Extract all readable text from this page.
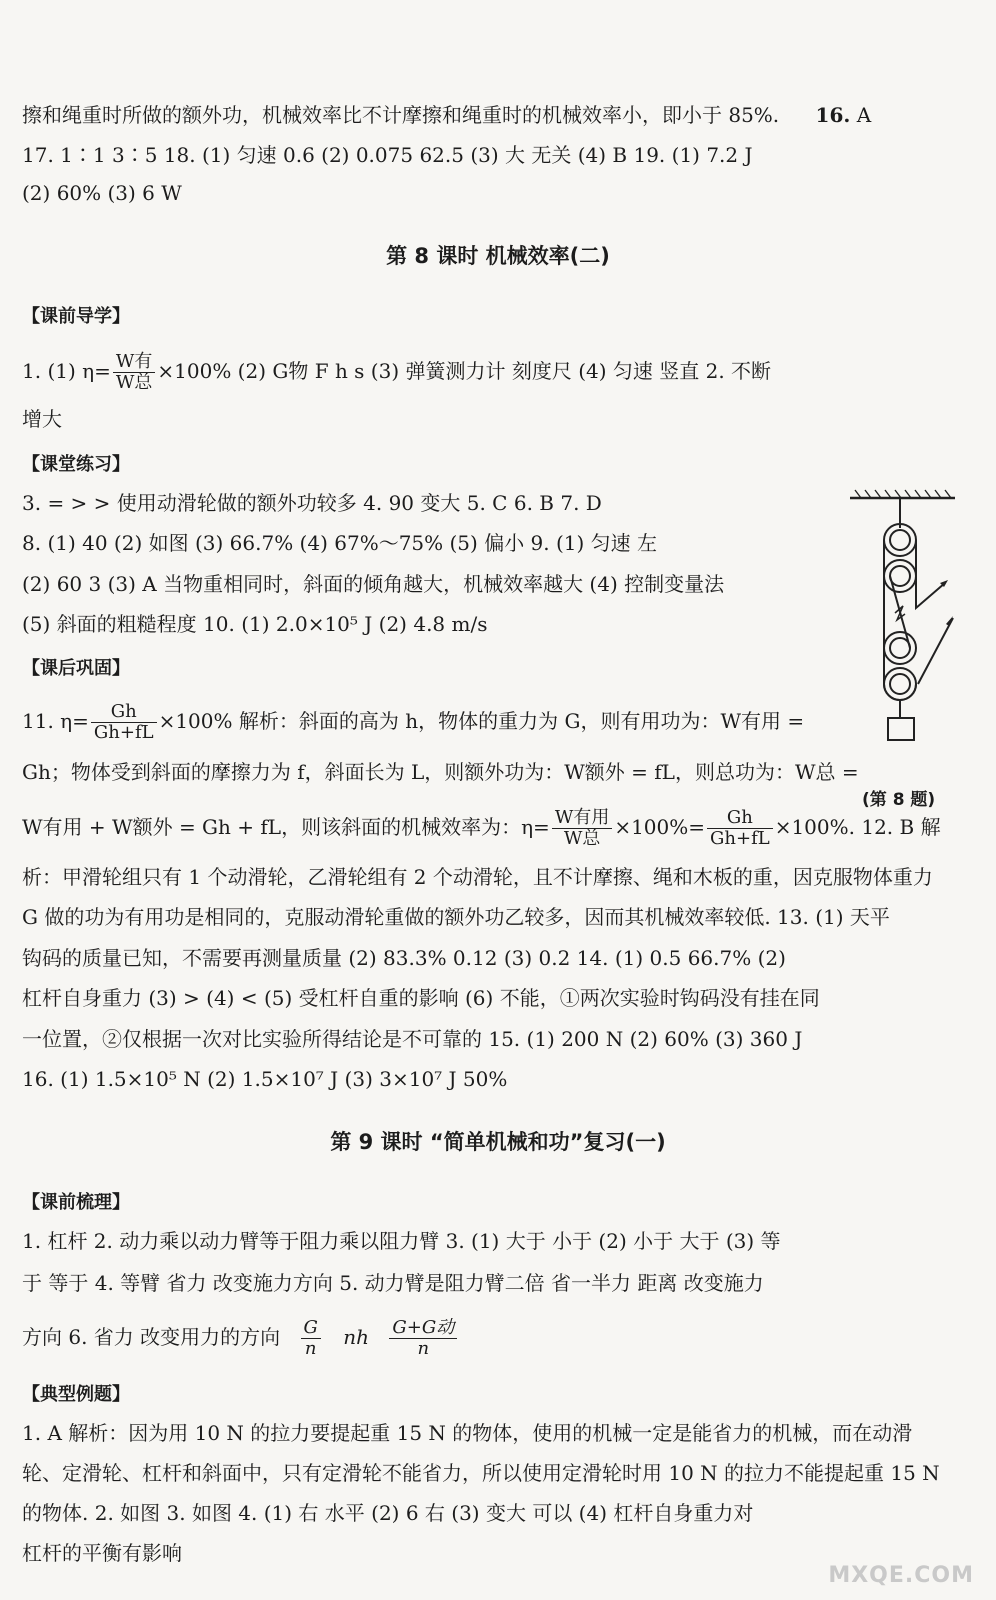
擦和绳重时所做的额外功，机械效率比不计摩擦和绳重时的机械效率小，即小于 85%. 16. A
17. 1∶1 3∶5 18. (1) 匀速 0.6 (2) 0.075 62.5 (3) 大 无关 (4) B 19. (1) 7.2 J
(2) 60% (3) 6 W
第 8 课时 机械效率(二)
【课前导学】
1. (1) $\eta= \frac{\text{W有}}{\text{W总}} \times 100\%$ (2) G物 F h s (3) 弹簧测力计 刻度尺 (4) 匀速 竖直 2. 不断
增大
【课堂练习】
3. = > > 使用动滑轮做的额外功较多 4. 90 变大 5. C 6. B 7. D
8. (1) 40 (2) 如图 (3) 66.7% (4) 67%～75% (5) 偏小 9. (1) 匀速 左
(2) 60 3 (3) A 当物重相同时，斜面的倾角越大，机械效率越大 (4) 控制变量法
(5) 斜面的粗糙程度 10. (1) 2.0×10⁵ J (2) 4.8 m/s
【课后巩固】
11. $\eta= \frac{Gh}{Gh+fL} \times 100\%$ 解析：斜面的高为 h，物体的重力为 G，则有用功为：W有用 =
Gh；物体受到斜面的摩擦力为 f，斜面长为 L，则额外功为：W额外 = fL，则总功为：W总 =
W有用 + W额外 = Gh + fL，则该斜面的机械效率为：$\eta= \frac{\text{W有用}}{\text{W总}} \times 100\%= \frac{Gh}{Gh+fL} \times 100\%$. 12. B 解
析：甲滑轮组只有 1 个动滑轮，乙滑轮组有 2 个动滑轮，且不计摩擦、绳和木板的重，因克服物体重力
G 做的功为有用功是相同的，克服动滑轮重做的额外功乙较多，因而其机械效率较低. 13. (1) 天平
钩码的质量已知，不需要再测量质量 (2) 83.3% 0.12 (3) 0.2 14. (1) 0.5 66.7% (2)
杠杆自身重力 (3) > (4) < (5) 受杠杆自重的影响 (6) 不能，①两次实验时钩码没有挂在同
一位置，②仅根据一次对比实验所得结论是不可靠的 15. (1) 200 N (2) 60% (3) 360 J
16. (1) 1.5×10⁵ N (2) 1.5×10⁷ J (3) 3×10⁷ J 50%
(第 8 题)
第 9 课时 “简单机械和功”复习(一)
【课前梳理】
1. 杠杆 2. 动力乘以动力臂等于阻力乘以阻力臂 3. (1) 大于 小于 (2) 小于 大于 (3) 等
于 等于 4. 等臂 省力 改变施力方向 5. 动力臂是阻力臂二倍 省一半力 距离 改变施力
方向 6. 省力 改变用力的方向 $\frac{G}{n}$ nh $\frac{\text{G+G动}}{n}$
【典型例题】
1. A 解析：因为用 10 N 的拉力要提起重 15 N 的物体，使用的机械一定是能省力的机械，而在动滑
轮、定滑轮、杠杆和斜面中，只有定滑轮不能省力，所以使用定滑轮时用 10 N 的拉力不能提起重 15 N
的物体. 2. 如图 3. 如图 4. (1) 右 水平 (2) 6 右 (3) 变大 可以 (4) 杠杆自身重力对
杠杆的平衡有影响
MXQE.COM
